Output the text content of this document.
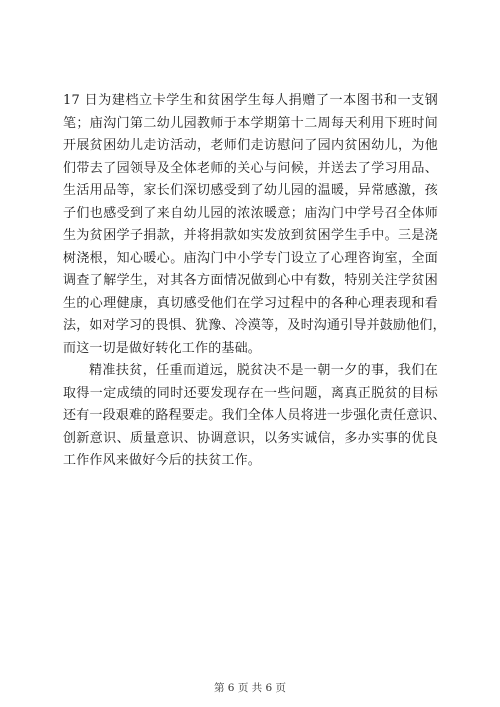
17 日为建档立卡学生和贫困学生每人捐赠了一本图书和一支钢
笔；庙沟门第二幼儿园教师于本学期第十二周每天利用下班时间
开展贫困幼儿走访活动，老师们走访慰问了园内贫困幼儿，为他
们带去了园领导及全体老师的关心与问候，并送去了学习用品、
生活用品等，家长们深切感受到了幼儿园的温暖，异常感激，孩
子们也感受到了来自幼儿园的浓浓暖意；庙沟门中学号召全体师
生为贫困学子捐款，并将捐款如实发放到贫困学生手中。三是浇
树浇根，知心暖心。庙沟门中小学专门设立了心理咨询室，全面
调查了解学生，对其各方面情况做到心中有数，特别关注学贫困
生的心理健康，真切感受他们在学习过程中的各种心理表现和看
法，如对学习的畏惧、犹豫、冷漠等，及时沟通引导并鼓励他们，
而这一切是做好转化工作的基础。

精准扶贫，任重而道远，脱贫决不是一朝一夕的事，我们在
取得一定成绩的同时还要发现存在一些问题，离真正脱贫的目标
还有一段艰难的路程要走。我们全体人员将进一步强化责任意识、
创新意识、质量意识、协调意识，以务实诚信，多办实事的优良
工作作风来做好今后的扶贫工作。

第 6 页 共 6 页
